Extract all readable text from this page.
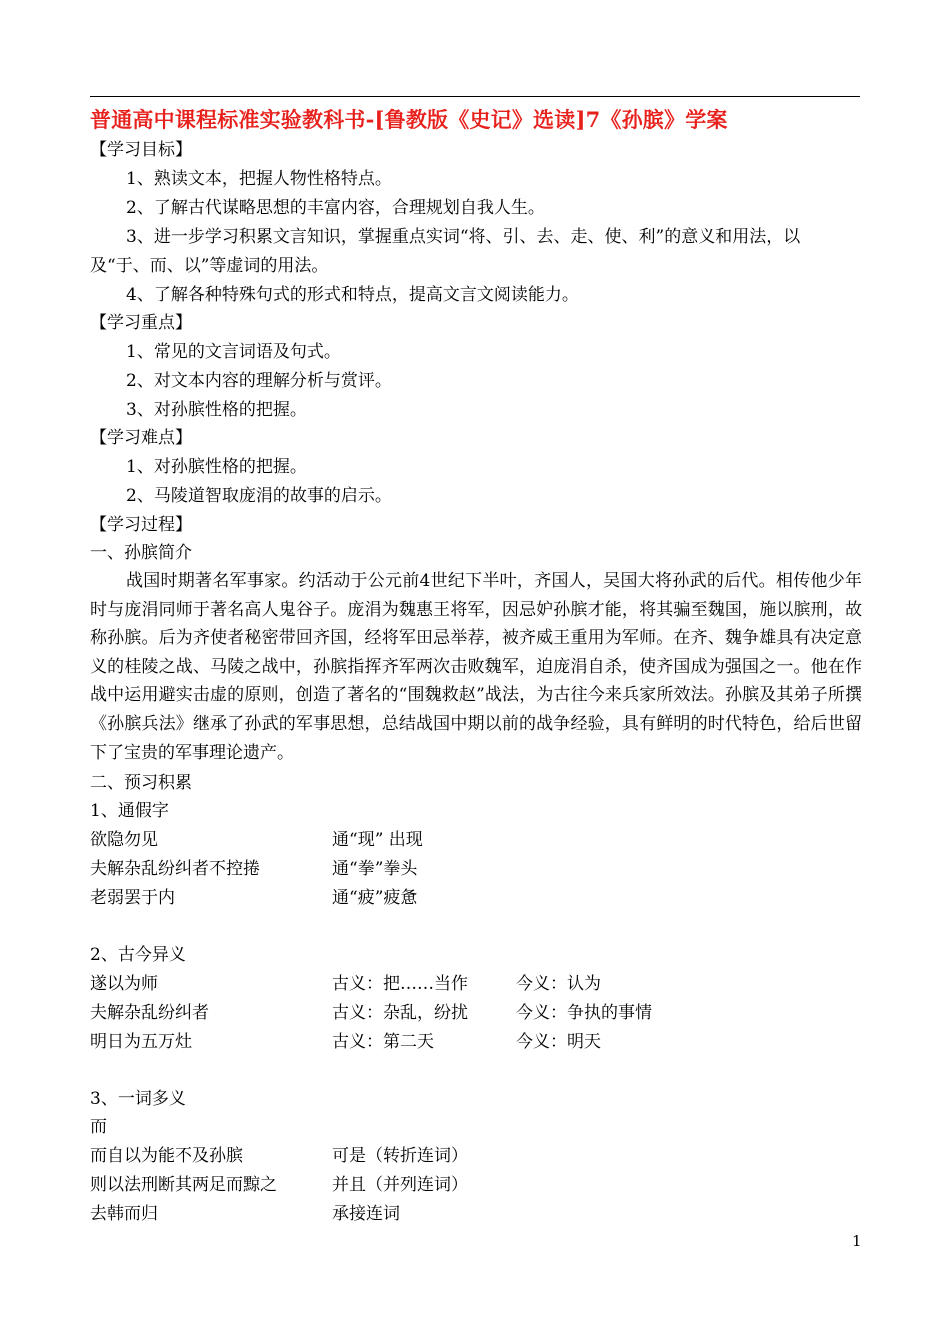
普通高中课程标准实验教科书-[鲁教版《史记》选读]7《孙膑》学案
【学习目标】
1、熟读文本，把握人物性格特点。
2、了解古代谋略思想的丰富内容，合理规划自我人生。
3、进一步学习积累文言知识，掌握重点实词“将、引、去、走、使、利”的意义和用法，以
及“于、而、以”等虚词的用法。
4、了解各种特殊句式的形式和特点，提高文言文阅读能力。
【学习重点】
1、常见的文言词语及句式。
2、对文本内容的理解分析与赏评。
3、对孙膑性格的把握。
【学习难点】
1、对孙膑性格的把握。
2、马陵道智取庞涓的故事的启示。
【学习过程】
一、孙膑简介
战国时期著名军事家。约活动于公元前4世纪下半叶，齐国人，吴国大将孙武的后代。相传他少年时与庞涓同师于著名高人鬼谷子。庞涓为魏惠王将军，因忌妒孙膑才能，将其骗至魏国，施以膑刑，故称孙膑。后为齐使者秘密带回齐国，经将军田忌举荐，被齐威王重用为军师。在齐、魏争雄具有决定意义的桂陵之战、马陵之战中，孙膑指挥齐军两次击败魏军，迫庞涓自杀，使齐国成为强国之一。他在作战中运用避实击虚的原则，创造了著名的“围魏救赵”战法，为古往今来兵家所效法。孙膑及其弟子所撰《孙膑兵法》继承了孙武的军事思想，总结战国中期以前的战争经验，具有鲜明的时代特色，给后世留下了宝贵的军事理论遗产。
二、预习积累
1、通假字
欲隐勿见	通“现” 出现
夫解杂乱纷纠者不控捲	通“拳”拳头
老弱罢于内	通“疲”疲惫
2、古今异义
遂以为师	古义：把……当作	今义：认为
夫解杂乱纷纠者	古义：杂乱，纷扰	今义：争执的事情
明日为五万灶	古义：第二天	今义：明天
3、一词多义
而
而自以为能不及孙膑	可是（转折连词）
则以法刑断其两足而黥之	并且（并列连词）
去韩而归	承接连词
1
